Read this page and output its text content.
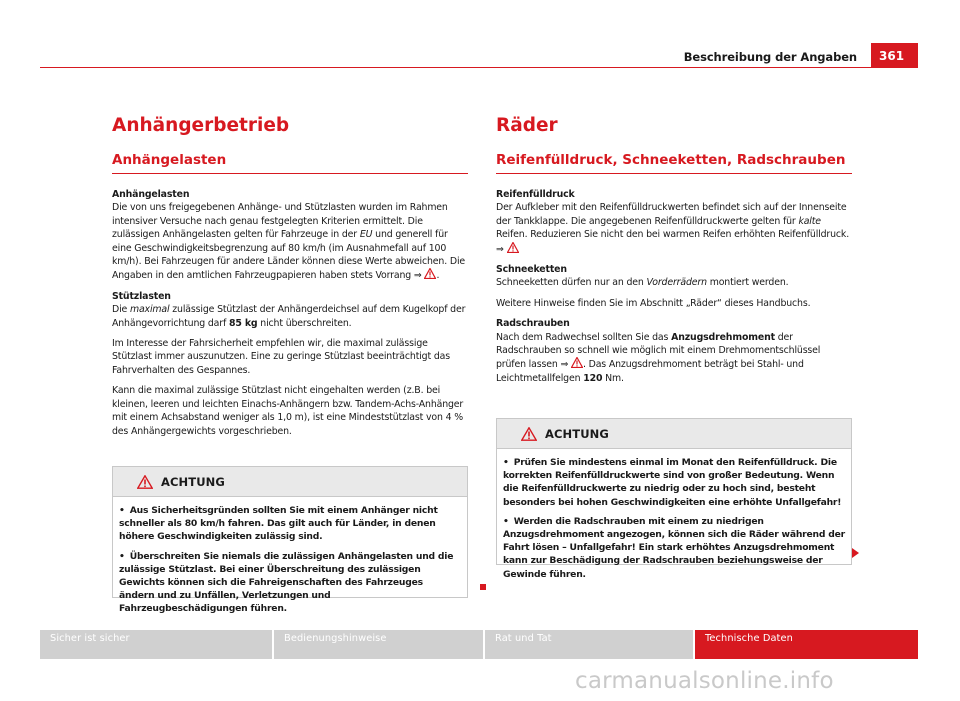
Beschreibung der Angaben	361
Anhängerbetrieb
Anhängelasten
Anhängelasten
Die von uns freigegebenen Anhänge- und Stützlasten wurden im Rahmen intensiver Versuche nach genau festgelegten Kriterien ermittelt. Die zulässigen Anhängelasten gelten für Fahrzeuge in der EU und generell für eine Geschwindigkeitsbegrenzung auf 80 km/h (im Ausnahmefall auf 100 km/h). Bei Fahrzeugen für andere Länder können diese Werte abweichen. Die Angaben in den amtlichen Fahrzeugpapieren haben stets Vorrang ⇒ .
Stützlasten
Die maximal zulässige Stützlast der Anhängerdeichsel auf dem Kugelkopf der Anhängevorrichtung darf 85 kg nicht überschreiten.
Im Interesse der Fahrsicherheit empfehlen wir, die maximal zulässige Stützlast immer auszunutzen. Eine zu geringe Stützlast beeinträchtigt das Fahrverhalten des Gespannes.
Kann die maximal zulässige Stützlast nicht eingehalten werden (z.B. bei kleinen, leeren und leichten Einachs-Anhängern bzw. Tandem-Achs-Anhänger mit einem Achsabstand weniger als 1,0 m), ist eine Mindeststützlast von 4 % des Anhängergewichts vorgeschrieben.
ACHTUNG

• Aus Sicherheitsgründen sollten Sie mit einem Anhänger nicht schneller als 80 km/h fahren. Das gilt auch für Länder, in denen höhere Geschwindigkeiten zulässig sind.

• Überschreiten Sie niemals die zulässigen Anhängelasten und die zulässige Stützlast. Bei einer Überschreitung des zulässigen Gewichts können sich die Fahreigenschaften des Fahrzeuges ändern und zu Unfällen, Verletzungen und Fahrzeugbeschädigungen führen.

Räder
Reifenfülldruck, Schneeketten, Radschrauben
Reifenfülldruck
Der Aufkleber mit den Reifenfülldruckwerten befindet sich auf der Innenseite der Tankklappe. Die angegebenen Reifenfülldruckwerte gelten für kalte Reifen. Reduzieren Sie nicht den bei warmen Reifen erhöhten Reifenfülldruck. ⇒
Schneeketten
Schneeketten dürfen nur an den Vorderrädern montiert werden.
Weitere Hinweise finden Sie im Abschnitt „Räder“ dieses Handbuchs.
Radschrauben
Nach dem Radwechsel sollten Sie das Anzugsdrehmoment der Radschrauben so schnell wie möglich mit einem Drehmomentschlüssel prüfen lassen ⇒ . Das Anzugsdrehmoment beträgt bei Stahl- und Leichtmetallfelgen 120 Nm.
ACHTUNG

• Prüfen Sie mindestens einmal im Monat den Reifenfülldruck. Die korrekten Reifenfülldruckwerte sind von großer Bedeutung. Wenn die Reifenfülldruckwerte zu niedrig oder zu hoch sind, besteht besonders bei hohen Geschwindigkeiten eine erhöhte Unfallgefahr!

• Werden die Radschrauben mit einem zu niedrigen Anzugsdrehmoment angezogen, können sich die Räder während der Fahrt lösen – Unfallgefahr! Ein stark erhöhtes Anzugsdrehmoment kann zur Beschädigung der Radschrauben beziehungsweise der Gewinde führen.

Sicher ist sicher	Bedienungshinweise	Rat und Tat	Technische Daten
carmanualsonline.info
